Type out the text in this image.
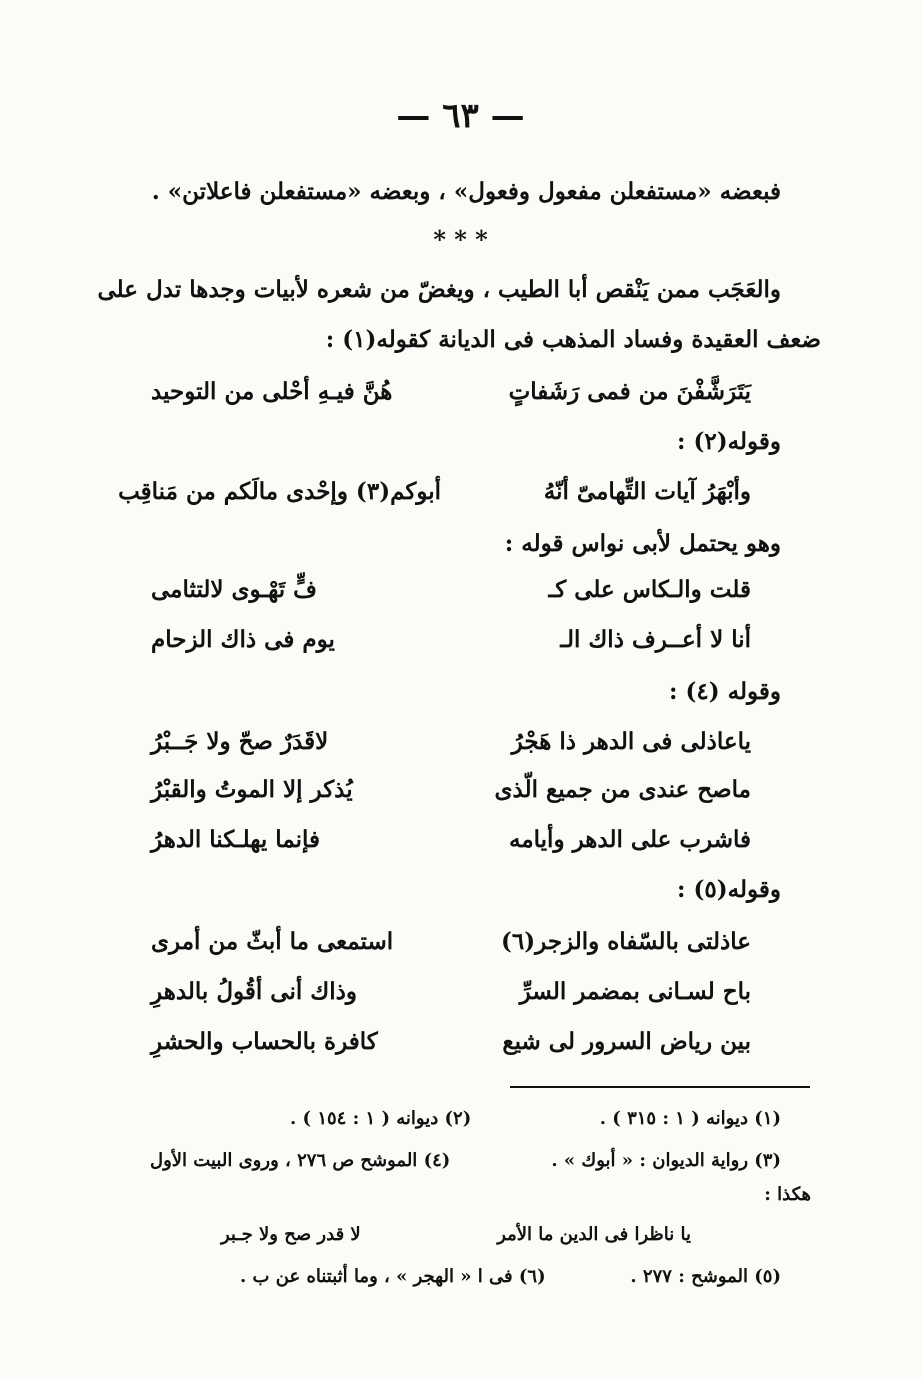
— ٦٣ —
فبعضه «مستفعلن مفعول وفعول» ، وبعضه «مستفعلن فاعلاتن» .
* * *
والعَجَب ممن يَنْقص أبا الطيب ، ويغضّ من شعره لأبيات وجدها تدل على
ضعف العقيدة وفساد المذهب فى الديانة كقوله(١) :
يَتَرَشَّفْنَ من فمى رَشَفاتٍ
هُنَّ فيـهِ أحْلى من التوحيد
وقوله(٢) :
وأبْهَرُ آيات التِّهامىّ أنّهُ
أبوكم(٣) وإحْدى مالَكم من مَناقِب
وهو يحتمل لأبى نواس قوله :
قلت والـكاس على كـ
فٍّ تَهْـوى لالتثامى
أنا لا أعــرف ذاك الـ
يوم فى ذاك الزحام
وقوله (٤) :
ياعاذلى فى الدهر ذا هَجْرُ
لاقَدَرٌ صحّ ولا جَــبْرُ
ماصح عندى من جميع الّذى
يُذكر إلا الموتُ والقبْرُ
فاشرب على الدهر وأيامه
فإنما يهلـكنا الدهرُ
وقوله(٥) :
عاذلتى بالسّفاه والزجر(٦)
استمعى ما أبثّ من أمرى
باح لسـانى بمضمر السرِّ
وذاك أنى أقُولُ بالدهرِ
بين رياض السرور لى شيع
كافرة بالحساب والحشرِ
(١) ديوانه ( ١ : ٣١٥ ) .
(٢) ديوانه ( ١ : ١٥٤ ) .
(٣) رواية الديوان : « أبوك » .
(٤) الموشح ص ٢٧٦ ، وروى البيت الأول
هكذا :
يا ناظرا فى الدين ما الأمر
لا قدر صح ولا جـبر
(٥) الموشح : ٢٧٧ .
(٦) فى ا « الهجر » ، وما أثبتناه عن ب .
